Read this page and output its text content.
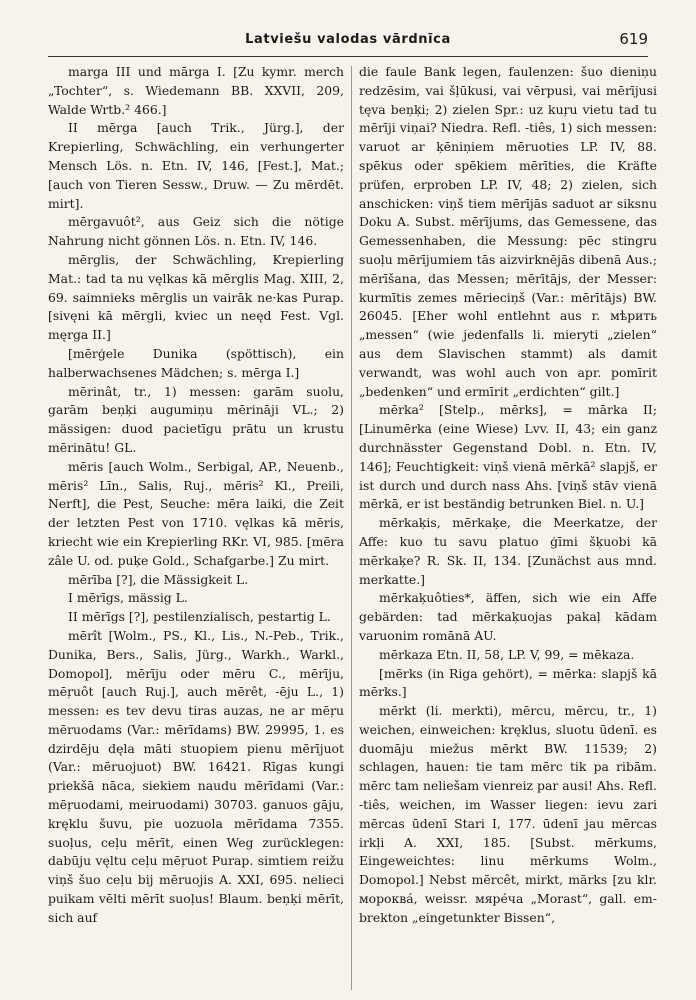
Latviešu valodas vārdnīca	619

marga III und mārga I. [Zu kymr. merch „Tochter“, s. Wiedemann BB. XXVII, 209, Walde Wrtb.² 466.]

II mērga [auch Trik., Jürg.], der Krepierling, Schwächling, ein verhungerter Mensch Lös. n. Etn. IV, 146, [Fest.], Mat.; [auch von Tieren Sessw., Druw. — Zu mērdēt. mirt].

mērgavuôt², aus Geiz sich die nötige Nahrung nicht gönnen Lös. n. Etn. IV, 146.

mērglis, der Schwächling, Krepierling Mat.: tad ta nu vęlkas kā mērglis Mag. XIII, 2, 69. saimnieks mērglis un vairāk ne·kas Purap. [sivęni kā mērgli, kviec un neęd Fest. Vgl. męrga II.]

[mērģele Dunika (spöttisch), ein halberwachsenes Mädchen; s. mērga I.]

mērinât, tr., 1) messen: garām suolu, garām beņķi augumiņu mērināji VL.; 2) mässigen: duod pacietīgu prātu un krustu mērinātu! GL.

mēris [auch Wolm., Serbigal, AP., Neuenb., mēris² Līn., Salis, Ruj., mēris² Kl., Preili, Nerft], die Pest, Seuche: mēra laiki, die Zeit der letzten Pest von 1710. vęlkas kā mēris, kriecht wie ein Krepierling RKr. VI, 985. [mēra zâle U. od. puķe Gold., Schafgarbe.] Zu mirt.

mērība [?], die Mässigkeit L.

I mērīgs, mässig L.

II mērīgs [?], pestilenzialisch, pestartig L.

mērît [Wolm., PS., Kl., Lis., N.-Peb., Trik., Dunika, Bers., Salis, Jürg., Warkh., Warkl., Domopol], mērīju oder mēru C., mērīju, mēŗuôt [auch Ruj.], auch mērêt, -ēju L., 1) messen: es tev devu tiras auzas, ne ar mēŗu mēruodams (Var.: mērīdams) BW. 29995, 1. es dzirdēju dęla māti stuopiem pienu mērījuot (Var.: mēruojuot) BW. 16421. Rīgas kungi priekšā nāca, siekiem naudu mērīdami (Var.: mēŗuodami, meiruodami) 30703. ganuos gāju, kręklu šuvu, pie uozuola mērīdama 7355. suoļus, ceļu mērīt, einen Weg zurücklegen: dabūju vęltu ceļu mēŗuot Purap. simtiem reižu viņš šuo ceļu bij mēruojis A. XXI, 695. nelieci puikam vēlti mērīt suoļus! Blaum. beņķi mērīt, sich auf

die faule Bank legen, faulenzen: šuo dieniņu redzēsim, vai šļūkusi, vai vērpusi, vai mērījusi tęva beņķi; 2) zielen Spr.: uz kuŗu vietu tad tu mērīji viņai? Niedra. Refl. -tiês, 1) sich messen: varuot ar ķēniņiem mēruoties LP. IV, 88. spēkus oder spēkiem mērīties, die Kräfte prüfen, erproben LP. IV, 48; 2) zielen, sich anschicken: viņš tiem mērījās saduot ar siksnu Doku A. Subst. mērījums, das Gemessene, das Gemessenhaben, die Messung: pēc stingru suoļu mērījumiem tās aizvirknējās dibenā Aus.; mērīšana, das Messen; mērītājs, der Messer: kurmītis zemes mērieciņš (Var.: mērītājs) BW. 26045. [Eher wohl entlehnt aus r. мѣрить „messen“ (wie jedenfalls li. mieryti „zielen“ aus dem Slavischen stammt) als damit verwandt, was wohl auch von apr. pomīrit „bedenken“ und ermīrit „erdichten“ gilt.]

mērka² [Stelp., mērks], = mārka II; [Linumērka (eine Wiese) Lvv. II, 43; ein ganz durchnässter Gegenstand Dobl. n. Etn. IV, 146]; Feuchtigkeit: viņš vienā mērkā² slapjš, er ist durch und durch nass Ahs. [viņš stāv vienā mērkā, er ist beständig betrunken Biel. n. U.]

mērkaķis, mērkaķe, die Meerkatze, der Affe: kuo tu savu platuo ģīmi šķuobi kā mērkaķe? R. Sk. II, 134. [Zunächst aus mnd. merkatte.]

mērkaķuôties*, äffen, sich wie ein Affe gebärden: tad mērkaķuojas pakaļ kādam varuonim romānā AU.

mērkaza Etn. II, 58, LP. V, 99, = mēkaza.

[mērks (in Riga gehört), = mērka: slapjš kā mērks.]

mērkt (li. merkti), mērcu, mērcu, tr., 1) weichen, einweichen: kręklus, sluotu ūdenī. es duomāju miežus mērkt BW. 11539; 2) schlagen, hauen: tie tam mērc tik pa ribām. mērc tam neliešam vienreiz par ausi! Ahs. Refl. -tiês, weichen, im Wasser liegen: ievu zari mērcas ūdenī Stari I, 177. ūdenī jau mērcas irkļi A. XXI, 185. [Subst. mērkums, Eingeweichtes: linu mērkums Wolm., Domopol.] Nebst mērcêt, mirkt, mārks [zu klr. мороквá, weissr. мярéча „Morast“, gall. em-brekton „eingetunkter Bissen“,
